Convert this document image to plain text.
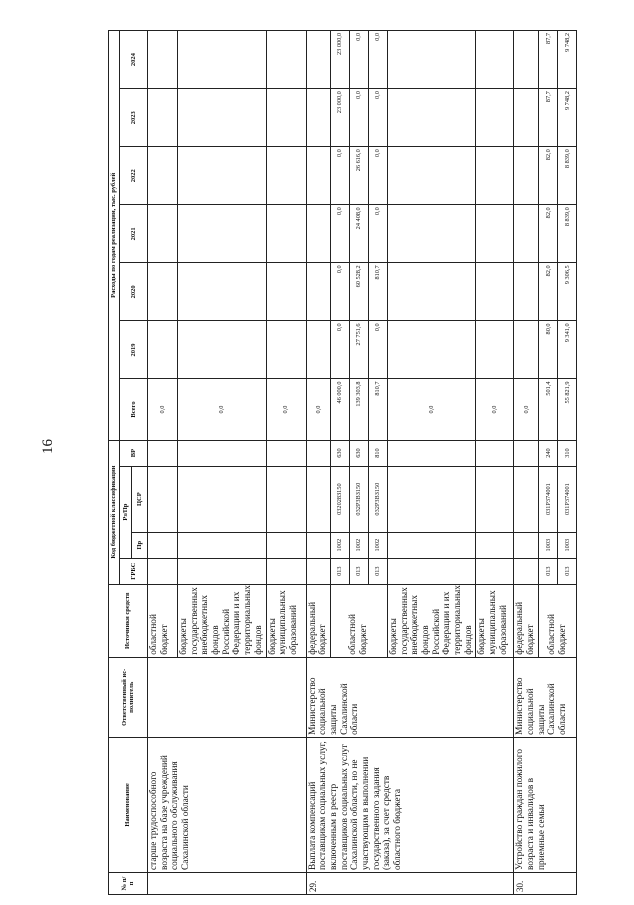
16
№ п/п	Наименование	Ответственный ис-полнитель	Источники средств	Код бюджетной классификации				Расходы по годам реализации, тыс. рублей						
				ГРБС	Рз/Пр		ВР	Всего	2019	2020	2021	2022	2023	2024
					Пр	ЦСР								
	старше трудоспособного возраста на базе учреждений социального обслуживания Сахалинской области		областной бюджет					0,0						
			бюджеты государственных внебюджетных фондов Российской Федерации и их территориальных фондов					0,0						
			бюджеты муниципальных образований					0,0						
29.	Выплата компенсаций поставщикам социальных услуг, включенным в реестр поставщиков социальных услуг Сахалинской области, но не участвующим в выполнении государственного задания (заказа), за счет средств областного бюджета	Министерство социальной защиты Сахалинской области	федеральный бюджет					0,0						
			областной бюджет	013	1002	032028З150	630	46 000,0	0,0	0,0	0,0	0,0	23 000,0	23 000,0
				013	1002	032Р3ВЗ150	630	139 303,8	27 751,6	60 528,2	24 408,0	26 616,0	0,0	0,0
				013	1002	032Р3ВЗ150	810	810,7	0,0	810,7	0,0	0,0	0,0	0,0
			бюджеты государственных внебюджетных фондов Российской Федерации и их территориальных фондов					0,0						
			бюджеты муниципальных образований					0,0						
30.	Устройство граждан пожилого возраста и инвалидов в приемные семьи	Министерство социальной защиты Сахалинской области	федеральный бюджет					0,0						
			областной бюджет	013	1003	031Р374001	240	501,4	80,0	82,0	82,0	82,0	87,7	87,7
				013	1003	031Р374001	310	55 821,9	9 341,0	9 306,5	8 839,0	8 839,0	9 748,2	9 748,2
